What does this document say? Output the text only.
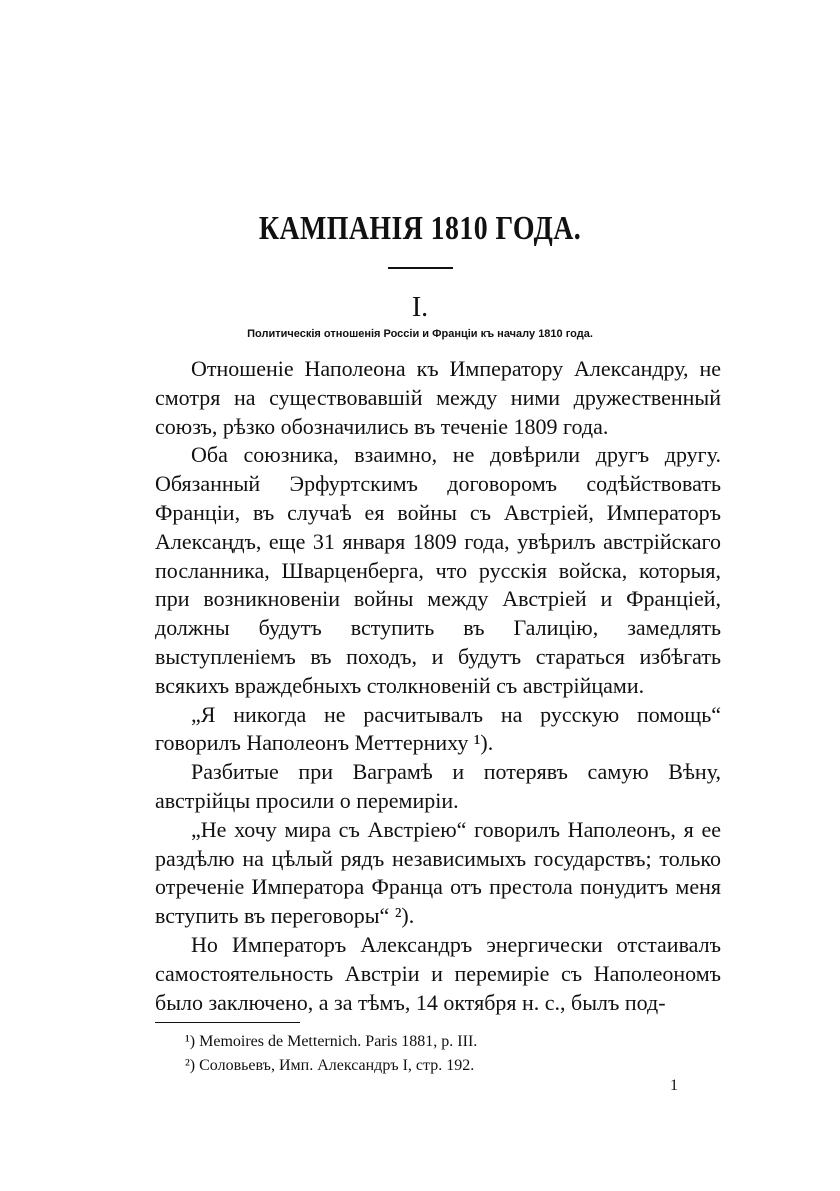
КАМПАНІЯ 1810 ГОДА.
I.
Политическія отношенія Россіи и Франціи къ началу 1810 года.

Отношеніе Наполеона къ Императору Александру, не смотря на существовавшій между ними дружественный союзъ, рѣзко обозначились въ теченіе 1809 года.

Оба союзника, взаимно, не довѣрили другъ другу. Обязанный Эрфуртскимъ договоромъ содѣйствовать Франціи, въ случаѣ ея войны съ Австріей, Императоръ Алексаңдъ, еще 31 января 1809 года, увѣрилъ австрійскаго посланника, Шварценберга, что русскія войска, которыя, при возникновеніи войны между Австріей и Франціей, должны будутъ вступить въ Галицію, замедлять выступленіемъ въ походъ, и будутъ стараться избѣгать всякихъ враждебныхъ столкновеній съ австрійцами.

„Я никогда не расчитывалъ на русскую помощь“ говорилъ Наполеонъ Меттерниху ¹).

Разбитые при Ваграмѣ и потерявъ самую Вѣну, австрійцы просили о перемиріи.

„Не хочу мира съ Австріею“ говорилъ Наполеонъ, я ее раздѣлю на цѣлый рядъ независимыхъ государствъ; только отреченіе Императора Франца отъ престола понудитъ меня вступить въ переговоры“ ²).

Но Императоръ Александръ энергически отстаивалъ самостоятельность Австріи и перемиріе съ Наполеономъ было заключено, а за тѣмъ, 14 октября н. с., былъ под-

¹) Memoires de Metternich. Paris 1881, p. III.

²) Соловьевъ, Имп. Александръ I, стр. 192.

1
